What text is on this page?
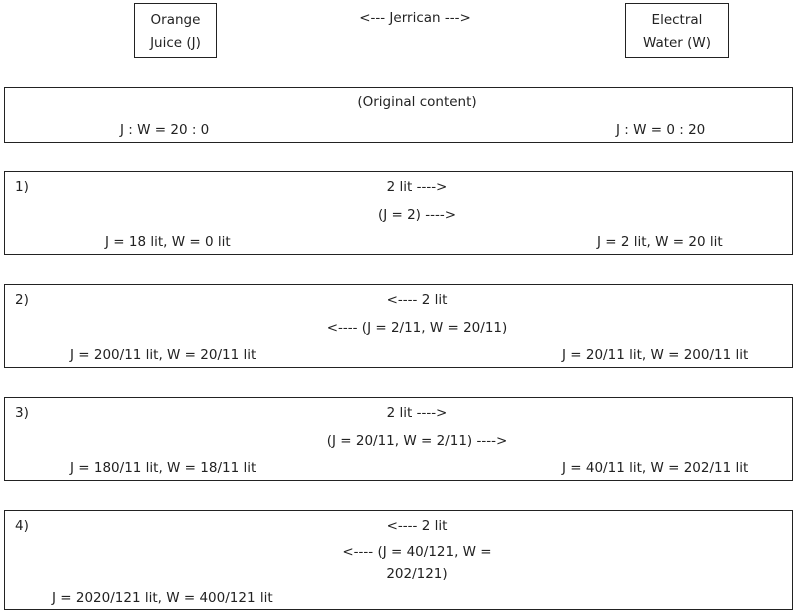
Orange
Juice (J)
<--- Jerrican --->	Electral
Water (W)
(Original content)
J : W = 20 : 0	J : W = 0 : 20
1)	2 lit ---->
(J = 2) ---->
J = 18 lit, W = 0 lit	J = 2 lit, W = 20 lit
2)	<---- 2 lit
<---- (J = 2/11, W = 20/11)
J = 200/11 lit, W = 20/11 lit	J = 20/11 lit, W = 200/11 lit
3)	2 lit ---->
(J = 20/11, W = 2/11) ---->
J = 180/11 lit, W = 18/11 lit	J = 40/11 lit, W = 202/11 lit
4)	<---- 2 lit
<---- (J = 40/121, W =
202/121)
J = 2020/121 lit, W = 400/121 lit
